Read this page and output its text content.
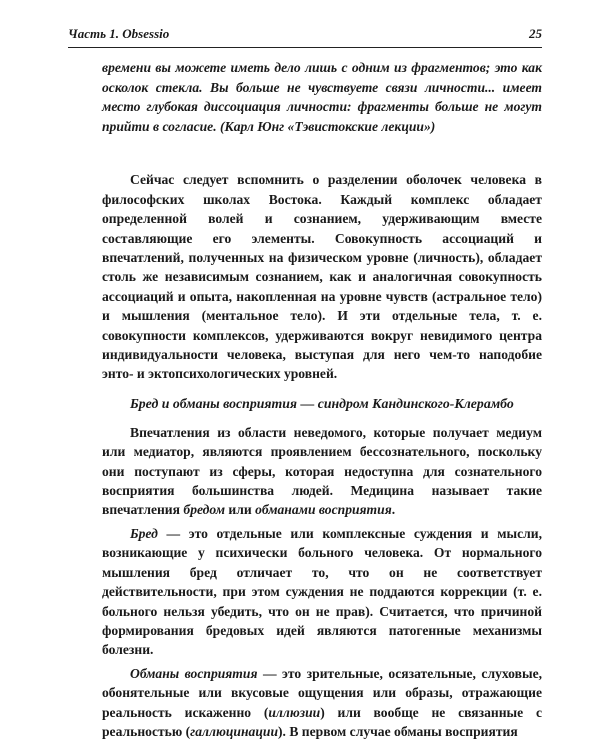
Часть 1. Obsessio	25

времени вы можете иметь дело лишь с одним из фрагментов; это как осколок стекла. Вы больше не чувствуете связи личности... имеет место глубокая диссоциация личности: фрагменты больше не могут прийти в согласие. (Карл Юнг «Тэвистокские лекции»)

Сейчас следует вспомнить о разделении оболочек человека в философских школах Востока. Каждый комплекс обладает определенной волей и сознанием, удерживающим вместе составляющие его элементы. Совокупность ассоциаций и впечатлений, полученных на физическом уровне (личность), обладает столь же независимым сознанием, как и аналогичная совокупность ассоциаций и опыта, накопленная на уровне чувств (астральное тело) и мышления (ментальное тело). И эти отдельные тела, т. е. совокупности комплексов, удерживаются вокруг невидимого центра индивидуальности человека, выступая для него чем-то наподобие энто- и эктопсихологических уровней.

Бред и обманы восприятия — синдром Кандинского-Клерамбо

Впечатления из области неведомого, которые получает медиум или медиатор, являются проявлением бессознательного, поскольку они поступают из сферы, которая недоступна для сознательного восприятия большинства людей. Медицина называет такие впечатления бредом или обманами восприятия.

Бред — это отдельные или комплексные суждения и мысли, возникающие у психически больного человека. От нормального мышления бред отличает то, что он не соответствует действительности, при этом суждения не поддаются коррекции (т. е. больного нельзя убедить, что он не прав). Считается, что причиной формирования бредовых идей являются патогенные механизмы болезни.

Обманы восприятия — это зрительные, осязательные, слуховые, обонятельные или вкусовые ощущения или образы, отражающие реальность искаженно (иллюзии) или вообще не связанные с реальностью (галлюцинации). В первом случае обманы восприятия
